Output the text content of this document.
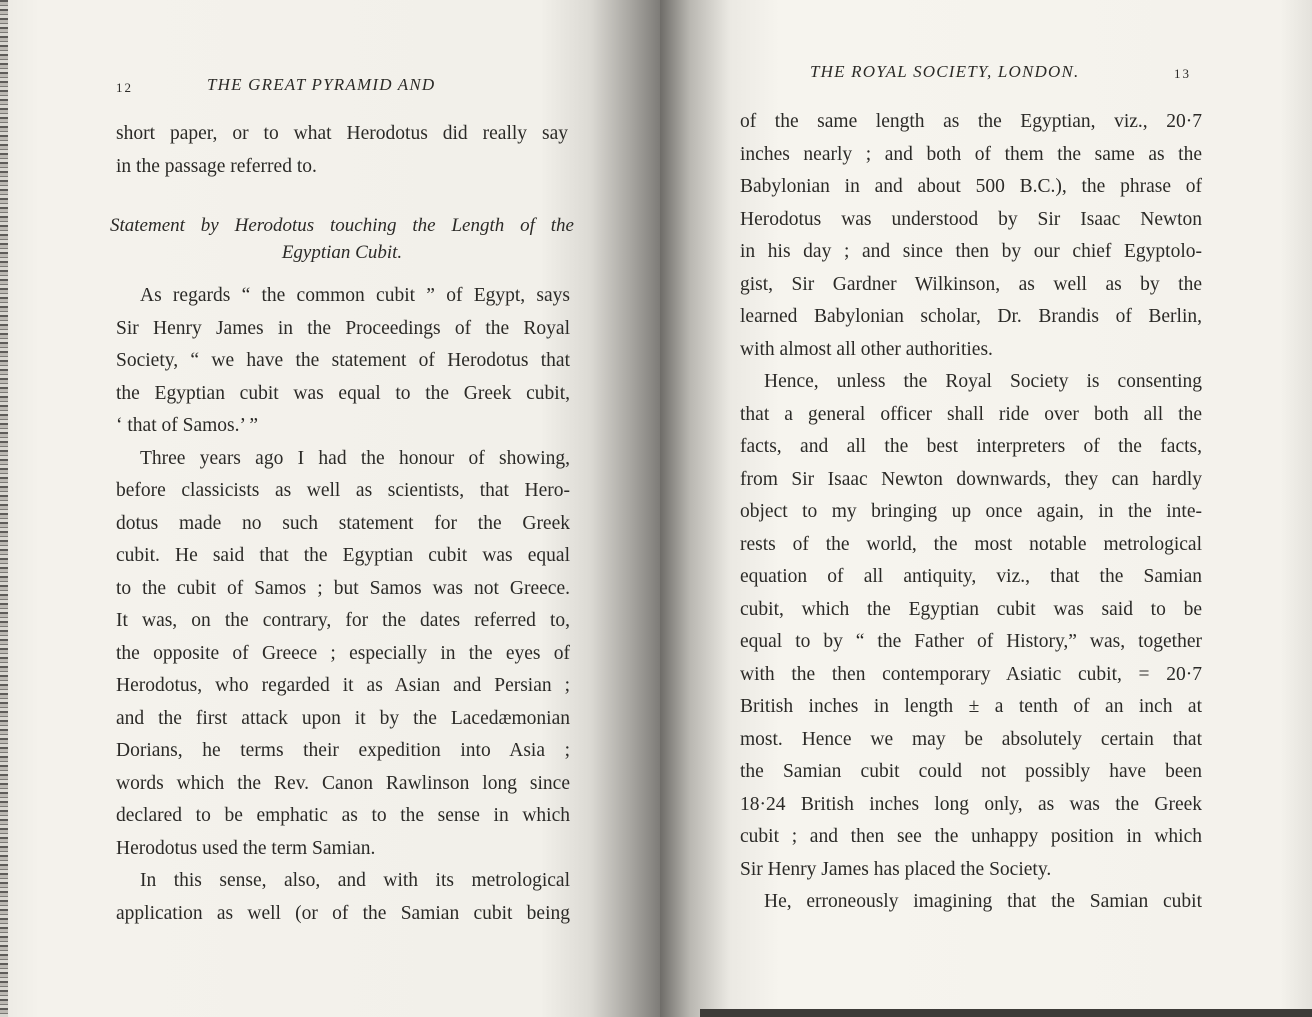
12	THE GREAT PYRAMID AND
short paper, or to what Herodotus did really say
in the passage referred to.
Statement by Herodotus touching the Length of the
Egyptian Cubit.
As regards “ the common cubit ” of Egypt, says
Sir Henry James in the Proceedings of the Royal
Society, “ we have the statement of Herodotus that
the Egyptian cubit was equal to the Greek cubit,
‘ that of Samos.’ ”
Three years ago I had the honour of showing,
before classicists as well as scientists, that Hero-
dotus made no such statement for the Greek
cubit. He said that the Egyptian cubit was equal
to the cubit of Samos ; but Samos was not Greece.
It was, on the contrary, for the dates referred to,
the opposite of Greece ; especially in the eyes of
Herodotus, who regarded it as Asian and Persian ;
and the first attack upon it by the Lacedæmonian
Dorians, he terms their expedition into Asia ;
words which the Rev. Canon Rawlinson long since
declared to be emphatic as to the sense in which
Herodotus used the term Samian.
In this sense, also, and with its metrological
application as well (or of the Samian cubit being
THE ROYAL SOCIETY, LONDON.	13
of the same length as the Egyptian, viz., 20·7
inches nearly ; and both of them the same as the
Babylonian in and about 500 B.C.), the phrase of
Herodotus was understood by Sir Isaac Newton
in his day ; and since then by our chief Egyptolo-
gist, Sir Gardner Wilkinson, as well as by the
learned Babylonian scholar, Dr. Brandis of Berlin,
with almost all other authorities.
Hence, unless the Royal Society is consenting
that a general officer shall ride over both all the
facts, and all the best interpreters of the facts,
from Sir Isaac Newton downwards, they can hardly
object to my bringing up once again, in the inte-
rests of the world, the most notable metrological
equation of all antiquity, viz., that the Samian
cubit, which the Egyptian cubit was said to be
equal to by “ the Father of History,” was, together
with the then contemporary Asiatic cubit, = 20·7
British inches in length ± a tenth of an inch at
most. Hence we may be absolutely certain that
the Samian cubit could not possibly have been
18·24 British inches long only, as was the Greek
cubit ; and then see the unhappy position in which
Sir Henry James has placed the Society.
He, erroneously imagining that the Samian cubit
